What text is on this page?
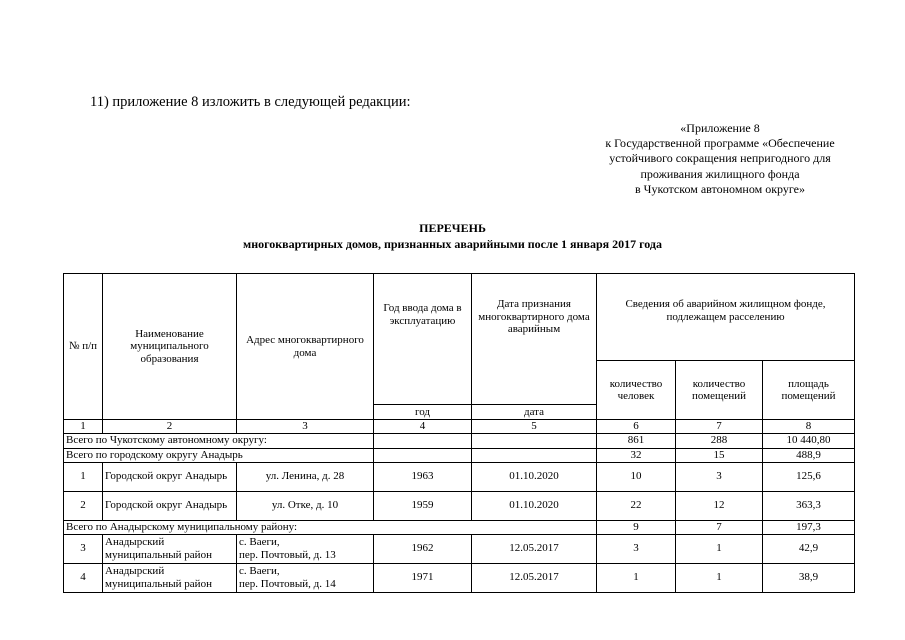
11) приложение 8 изложить в следующей редакции:
«Приложение 8
к Государственной программе «Обеспечение
устойчивого сокращения непригодного для
проживания жилищного фонда
в Чукотском автономном округе»
ПЕРЕЧЕНЬ
многоквартирных домов, признанных аварийными после 1 января 2017 года
№ п/п	Наименование муниципального образования	Адрес многоквартирного дома	Год ввода дома в эксплуатацию	Дата признания многоквартирного дома аварийным	Сведения об аварийном жилищном фонде, подлежащем расселению		
					количество человек	количество помещений	площадь помещений
			год	дата			
1	2	3	4	5	6	7	8
Всего по Чукотскому автономному округу:					861	288	10 440,80
Всего по городскому округу Анадырь					32	15	488,9
1	Городской округ Анадырь	ул. Ленина, д. 28	1963	01.10.2020	10	3	125,6
2	Городской округ Анадырь	ул. Отке, д. 10	1959	01.10.2020	22	12	363,3
Всего по Анадырскому муниципальному району:					9	7	197,3
3	Анадырский муниципальный район	с. Ваеги,
пер. Почтовый, д. 13	1962	12.05.2017	3	1	42,9
4	Анадырский муниципальный район	с. Ваеги,
пер. Почтовый, д. 14	1971	12.05.2017	1	1	38,9
